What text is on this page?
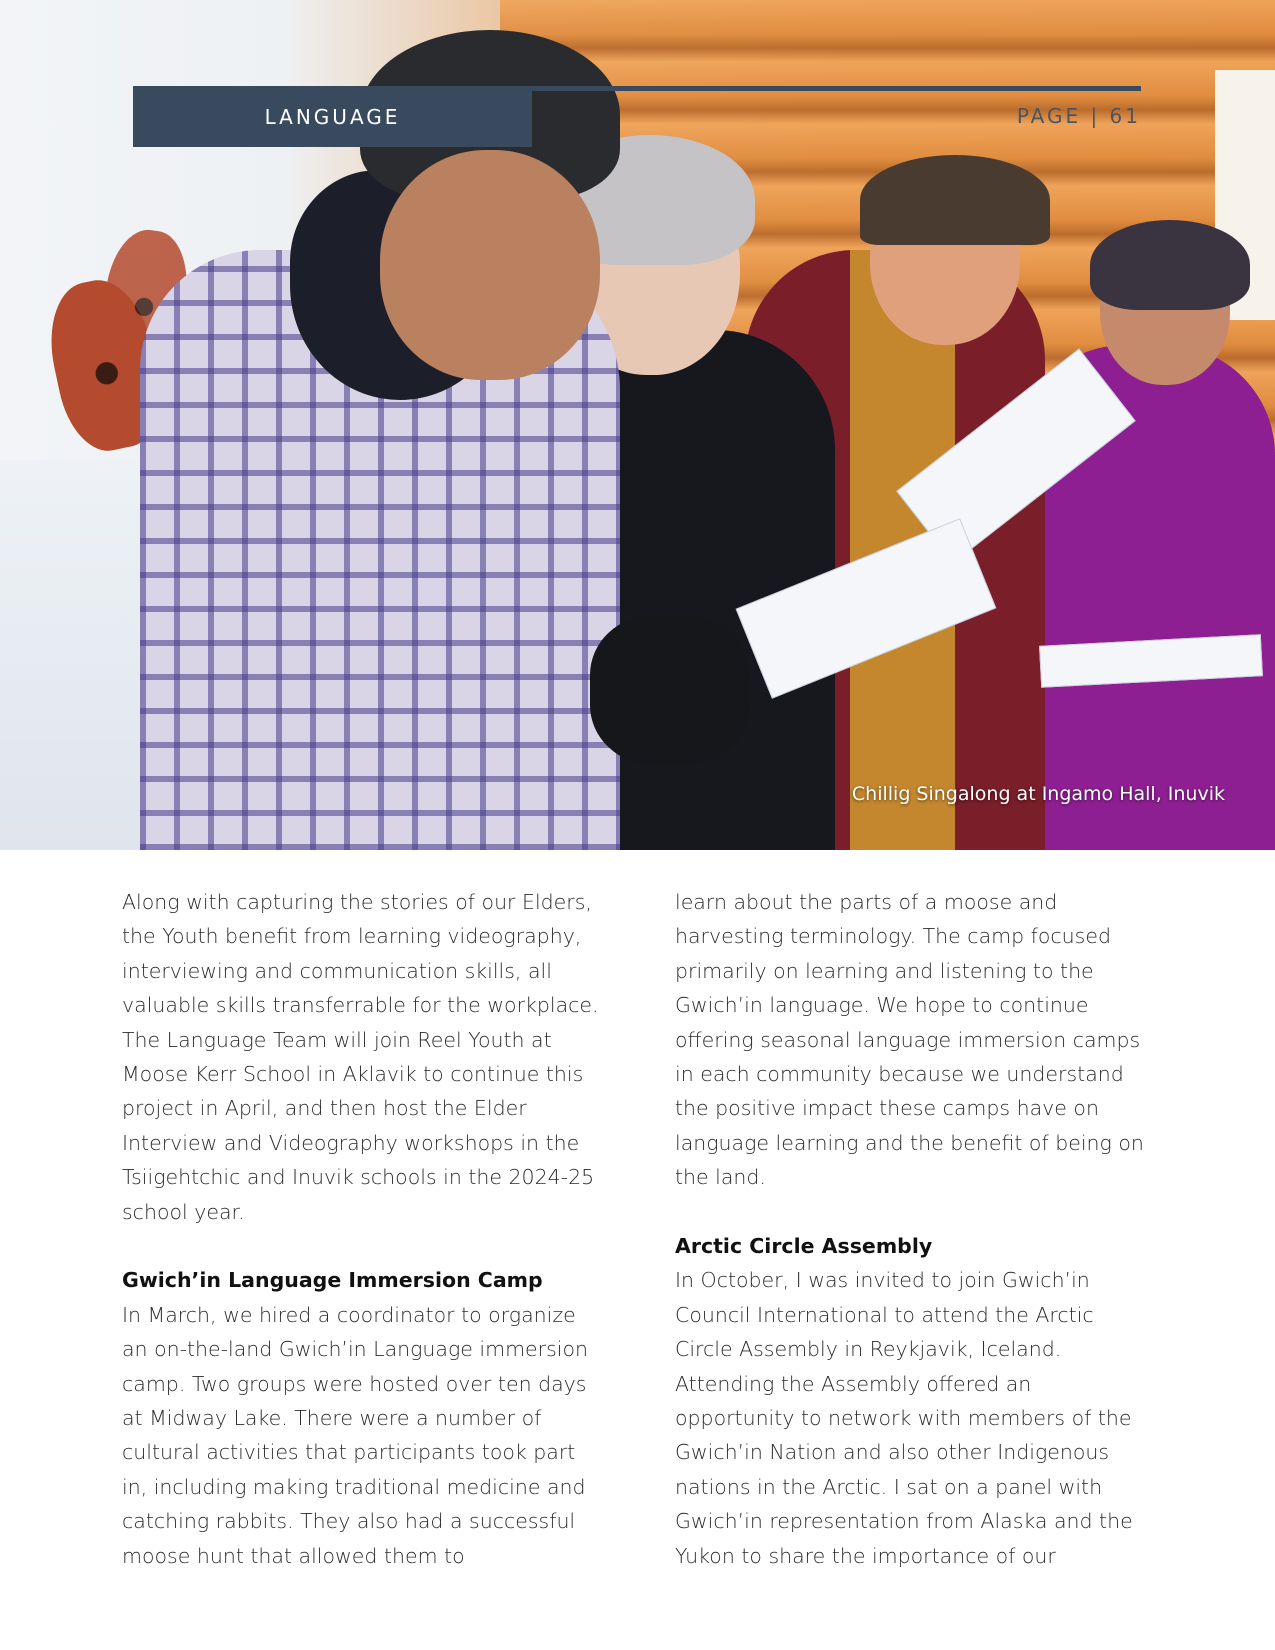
Chillig Singalong at Ingamo Hall, Inuvik
LANGUAGE	PAGE | 61

Along with capturing the stories of our Elders,

the Youth benefit from learning videography,

interviewing and communication skills, all

valuable skills transferrable for the workplace.

The Language Team will join Reel Youth at

Moose Kerr School in Aklavik to continue this

project in April, and then host the Elder

Interview and Videography workshops in the

Tsiigehtchic and Inuvik schools in the 2024-25

school year.

Gwich’in Language Immersion Camp

In March, we hired a coordinator to organize

an on-the-land Gwich’in Language immersion

camp. Two groups were hosted over ten days

at Midway Lake. There were a number of

cultural activities that participants took part

in, including making traditional medicine and

catching rabbits. They also had a successful

moose hunt that allowed them to

learn about the parts of a moose and

harvesting terminology. The camp focused

primarily on learning and listening to the

Gwich’in language. We hope to continue

offering seasonal language immersion camps

in each community because we understand

the positive impact these camps have on

language learning and the benefit of being on

the land.

Arctic Circle Assembly

In October, I was invited to join Gwich’in

Council International to attend the Arctic

Circle Assembly in Reykjavik, Iceland.

Attending the Assembly offered an

opportunity to network with members of the

Gwich’in Nation and also other Indigenous

nations in the Arctic. I sat on a panel with

Gwich’in representation from Alaska and the

Yukon to share the importance of our
